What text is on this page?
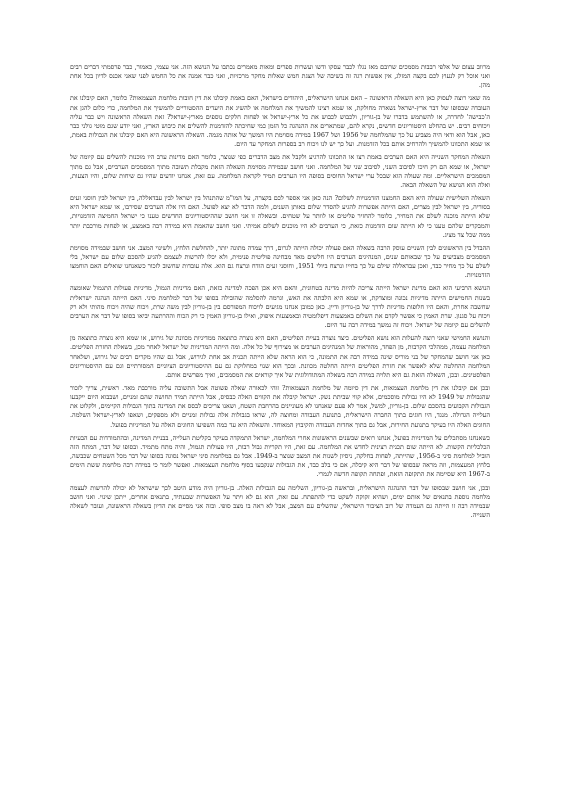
מרווב עצום של אלפי רבבות מסמכים שרובם מאז נגלו לכבר עסקו ודשו ועשרות ספרים ומאות מאמרים נכתבו על הנושא הזה. אני עצמי, כאמור, כבר פרסמתי דברים רבים ואני אוכל רק לנעוץ לכם בקצה המזלג, אין אפשות רגה זה בשיבה של הצגת חמש שאלות מחקר מרכזיות, ואני כבר אמנה את כל החמש לפני שאני אכנס לדיון בכל אחת מהן.

מה שאני רוצה לעסוק כאן היא השאלה הראשונה – האם אנחנו הישראלים, היהודים בישראל, האם באמת קיבלנו את דין חובות מלחמת העצמאות? כלומר, האם קיבלנו את העובדה שבסופו של דבר ארץ-ישראל נשארה מחולקת, או שמא רצינו להמשיך את המלחמה או להשיג את היעדים ההסטוריים להמשיך את המלחמה, כדי כלום להגן את ה'כבישה' לחדרה, או להשתמש בדברו של בן-גוריון, ולכבוש לכבוש את כל ארץ-ישראל או לפחות חלקים נוספים מארץ-ישראל? זאת השאלה הראשונה ויש כבר עליה ויכוחים רבים. יש בהחלט היסטוריונים חדשים, נקרא להם, שמתארים את ההנהגה כל הזמן כמי שחיכתה להזדמנות להשלים את כיבוש הארץ, ואני יודע שגם מוטי גולני כבר כאן, אבל הוא ודאי היה מצביע על כך שהמלחמה של 1956 ושל 1967 במידה מסוימת היו המשך של אותה מגמה. השאלה הראשונה היא האם קיבלנו את הגבולות באמת, או שמא התכוונו להמשיך ולהרחיב אותם בכל הזדמנות. ועל כך יש לנו ויכוח רב בספרות המחקר עד היום.

השאלה המחקר השנייה היא האם הערבים באמת רצו או התכוונו להרגיע ולקבל את מצב הדברים כפי שנוצר, כלומר האם מדינות ערב היו מוכנות להשלים עם קיומה של ישראל, או שמא הם רק חיכו לסיבוב השני, לסיבוב שני של המלחמה. ואני חושב שבמידה מסוימת השאלה הזאת מקבלת תשובה מתוך המסמכים הערביים, אבל גם מתוך המסמכים הישראליים. ומה שעולה הוא שבכל ערי ישראל החוסים בסופה היו הערבים תמיד לקראת המלחמה. עם זאת, אנחנו יודעים שהיו גם שיחות שלום, והיו הצעות, ואלה הוא הנושא של השאלה הבאה.

השאלה השלישית שעולה היא האם החמצנו הזדמנויות לשלום? הנה כאן אני אספר לכם בקצרה, על המו"מ שהתנהל בין ישראל לבין עבדאללה, בין ישראל לבין חוסני זעים בסוריה, בין ישראל לבין מצרים, האם הייתה אפשרות להגיע להסדר שלום באותן השנים, ולמה הדבר לא יצא לפועל. האם היו אלה הערבים שסירבו, או שמא ישראל היא שלא הייתה מוכנה לשלם את המחיר, כלומר להחזיר פליטים או לוותר על שטחים. ובשאלה זו אני חושב שההיסטוריונים החדשים טענו כי ישראל החמיצה הזדמנויות, והמבקרים שלהם טענו כי לא הייתה שום הזדמנות כזאת, כי הערבים לא היו מוכנים לשלום אמיתי. ואני חושב שהאמת היא במידה רבה באמצע, או לפחות מורכבת יותר ממה שכל צד מציג.

ההבדל בין הראשונים לבין השניים עוסק הרבה בשאלה האם פעולה יכולה הייתה לגרום, דרך עמדה מתונה יותר, להחלשת הלחץ, ולשינוי המצב. אני חושב שבמידה מסוימת המסמכים מצביעים על כך שבאותם שנים, המנהיגים הערבים היו חלשים מאד מבחינה פוליטית פנימית, ולא יכלו להרשות לעצמם להגיע להסכם שלום עם ישראל, בלי לשלם על כך מחיר כבד, ואכן עבדאללה שילם על כך בחייו ונרצח ביולי 1951, וחוסני זעים הודח ונרצח גם הוא. אלה עובדות שחשוב לזכור כשאנחנו שואלים האם הוחמצו הזדמנויות.

הנושא הרביעי הוא האם מדינת ישראל הייתה צריכה להיות מדינה בטחונית, והאם היא אכן הפכה למדינה כזאת, האם מדיניות הגמול, מדיניות פעולות התגמול שאומצה בשנות החמישים הייתה מדיניות נכונה ומוצדקת, או שמא היא הלבתה את האש, וגרמה להסלמה שהובילה בסופו של דבר למלחמת סיני. האם הייתה הנהגה ישראלית שחשבה אחרת, והאם היו חלופות מדיניות לדרך של בן-גוריון ודיין. כאן כמובן אנחנו מגיעים לויכוח המפורסם בין בן-גוריון לבין משה שרת, ויכוח שהיה ויכוח מהותי ולא רק ויכוח על סגנון. שרת האמין כי אפשר לקדם את השלום באמצעות דיפלומטיה ובאמצעות איפוק, ואילו בן-גוריון האמין כי רק הכוח וההרתעה יביאו בסופו של דבר את הערבים להשלים עם קיומה של ישראל. ויכוח זה נמשך במידה רבה עד היום.

והנושא החמישי שאני רוצה להעלות הוא נושא הפליטים. כיצד נוצרה בעיית הפליטים, האם היא נוצרה כתוצאה ממדיניות מכוונת של גירוש, או שמא היא נוצרה כתוצאה מן המלחמה עצמה, ממהלכי הקרבות, מן הפחד, מהוראות של המנהיגים הערבים או מצירוף של כל אלה. ומה הייתה המדיניות של ישראל לאחר מכן, בשאלת החזרת הפליטים. כאן אני חושב שהמחקר של בני מוריס שינה במידה רבה את התמונה, כי הוא הראה שלא הייתה תכנית אב אחת לגירוש, אבל גם שהיו מקרים רבים של גירוש, ושלאחר המלחמה ההחלטה שלא לאפשר את חזרת הפליטים הייתה החלטה מכוונת. ובכך הוא שנוי במחלוקת גם עם ההיסטוריונים הציוניים המסורתיים וגם עם ההיסטוריונים הפלסטינים. ובכן, השאלה הזאת גם היא תלויה במידה רבה בשאלה המתודולוגית של איך קוראים את המסמכים, ואיך מפרשים אותם.

ובכן אם קיבלנו את דין מלחמת העצמאות, את דין סיומה של מלחמת העצמאות? זוהי לכאורה שאלה פשוטה אבל התשובה עליה מורכבת מאד. ראשית, צריך לזכור שהגבולות של 1949 לא היו גבולות מוסכמים, אלא קווי שביתת נשק. ישראל קיבלה את הקווים האלה כבסיס, אבל הייתה תמיד תחושה שהם זמניים, ושבבוא היום ייקבעו הגבולות הקבועים בהסכם שלום. בן-גוריון, למשל, אמר לא פעם שאנחנו לא מעוניינים בהרחבת השטח, ושאנו צריכים לבסס את המדינה בתוך הגבולות הקיימים, ולקלוט את העלייה הגדולה. מנגד, היו חוגים בתוך החברה הישראלית, בתנועת העבודה ומחוצה לה, שראו בגבולות אלה גבולות זמניים ולא מספקים, ושאפו לארץ-ישראל השלמה. החוגים האלה היו בעיקר בתנועת החירות, אבל גם בתוך אחדות העבודה והקיבוץ המאוחד. והשאלה היא עד כמה השפיעו החוגים האלה על המדיניות בפועל.

כשאנחנו מסתכלים על המדיניות בפועל, אנחנו רואים שבשנים הראשונות אחרי המלחמה, ישראל התמקדה בעיקר בקליטת העלייה, בבניית המדינה, ובהתמודדות עם הבעיות הכלכליות הקשות. לא הייתה שום תכנית רצינית לחדש את המלחמה. עם זאת, היו תקריות גבול רבות, היו פעולות תגמול, והיה מתח מתמיד. ובסופו של דבר, המתח הזה הוביל למלחמת סיני ב-1956, שהייתה, לפחות בחלקה, ניסיון לשנות את המצב שנוצר ב-1949. אבל גם במלחמת סיני ישראל נסוגה בסופו של דבר מכל השטחים שכבשה, בלחץ המעצמות, וזה מראה שבסופו של דבר היא קיבלה, אם כי בלב כבד, את הגבולות שנקבעו בסוף מלחמת העצמאות. ואפשר לומר כי במידה רבה מלחמת ששת הימים ב-1967 היא שסיימה את התקופה הזאת, ופתחה תקופה חדשה לגמרי.

ובכן, אני חושב שבסופו של דבר ההנהגה הישראלית, ובראשה בן-גוריון, השלימה עם הגבולות האלה. בן-גוריון היה מודע היטב לכך שישראל לא יכולה להרשות לעצמה מלחמה נוספת בתנאים של אותם ימים, ושהיא זקוקה לשקט כדי להתפתח. עם זאת, הוא גם לא ויתר על האפשרות שבעתיד, בתנאים אחרים, ייתכן שינוי. ואני חושב שבמידה רבה זו הייתה גם העמדה של רוב הציבור הישראלי, שהשלים עם המצב, אבל לא ראה בו מצב סופי. ובזה אני מסיים את הדיון בשאלה הראשונה, ועובר לשאלה השנייה.
